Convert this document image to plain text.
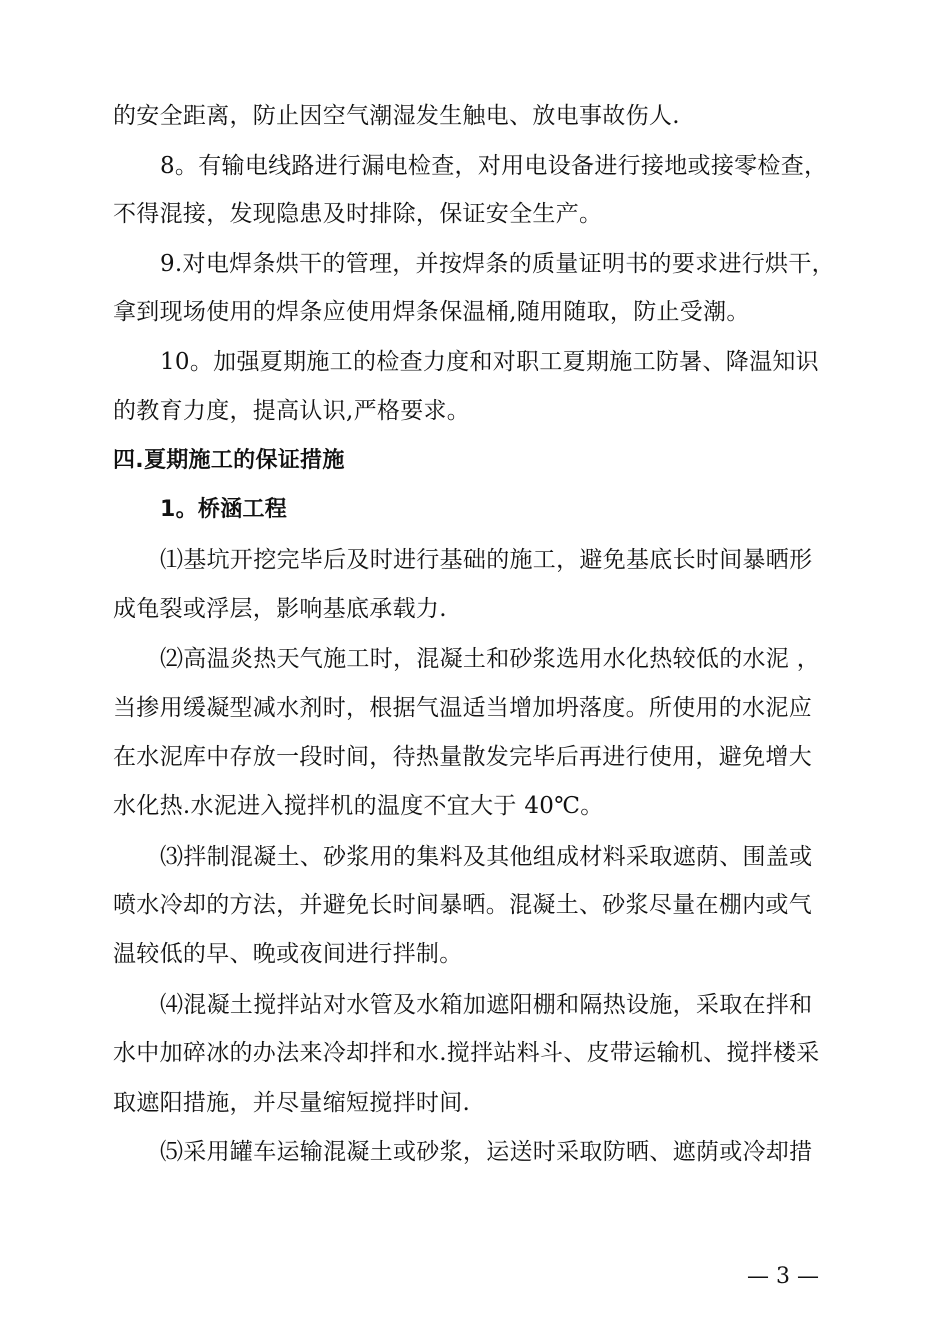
的安全距离，防止因空气潮湿发生触电、放电事故伤人.
8。有输电线路进行漏电检查，对用电设备进行接地或接零检查，
不得混接，发现隐患及时排除，保证安全生产。
9.对电焊条烘干的管理，并按焊条的质量证明书的要求进行烘干，
拿到现场使用的焊条应使用焊条保温桶,随用随取，防止受潮。
10。加强夏期施工的检查力度和对职工夏期施工防暑、降温知识
的教育力度，提高认识,严格要求。
四.夏期施工的保证措施
1。桥涵工程
⑴基坑开挖完毕后及时进行基础的施工，避免基底长时间暴晒形
成龟裂或浮层，影响基底承载力.
⑵高温炎热天气施工时，混凝土和砂浆选用水化热较低的水泥 ，
当掺用缓凝型减水剂时，根据气温适当增加坍落度。所使用的水泥应
在水泥库中存放一段时间，待热量散发完毕后再进行使用，避免增大
水化热.水泥进入搅拌机的温度不宜大于 40℃。
⑶拌制混凝土、砂浆用的集料及其他组成材料采取遮荫、围盖或
喷水冷却的方法，并避免长时间暴晒。混凝土、砂浆尽量在棚内或气
温较低的早、晚或夜间进行拌制。
⑷混凝土搅拌站对水管及水箱加遮阳棚和隔热设施，采取在拌和
水中加碎冰的办法来冷却拌和水.搅拌站料斗、皮带运输机、搅拌楼采
取遮阳措施，并尽量缩短搅拌时间.
⑸采用罐车运输混凝土或砂浆，运送时采取防晒、遮荫或冷却措
— 3 —
